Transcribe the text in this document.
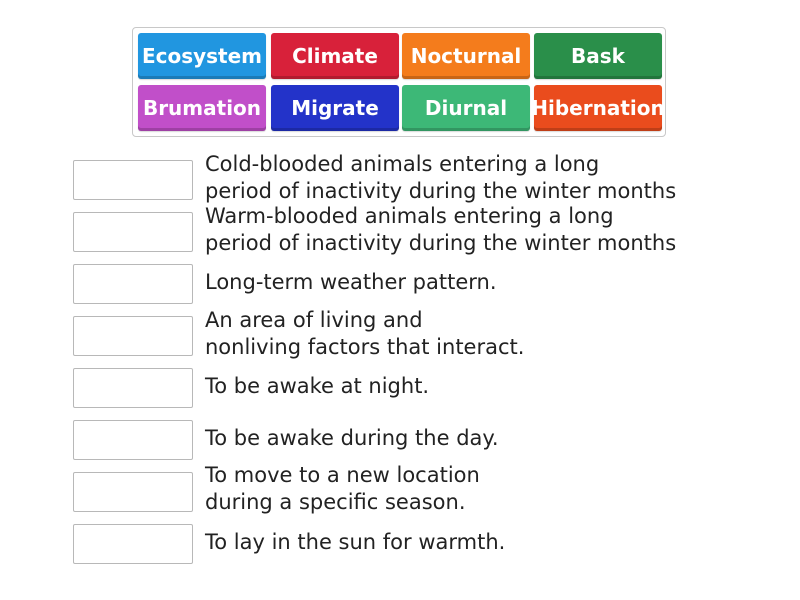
Ecosystem	Climate	Nocturnal	Bask
Brumation	Migrate	Diurnal	Hibernation
Cold-blooded animals entering a long
period of inactivity during the winter months
Warm-blooded animals entering a long
period of inactivity during the winter months
Long-term weather pattern.
An area of living and
nonliving factors that interact.
To be awake at night.
To be awake during the day.
To move to a new location
during a specific season.
To lay in the sun for warmth.
